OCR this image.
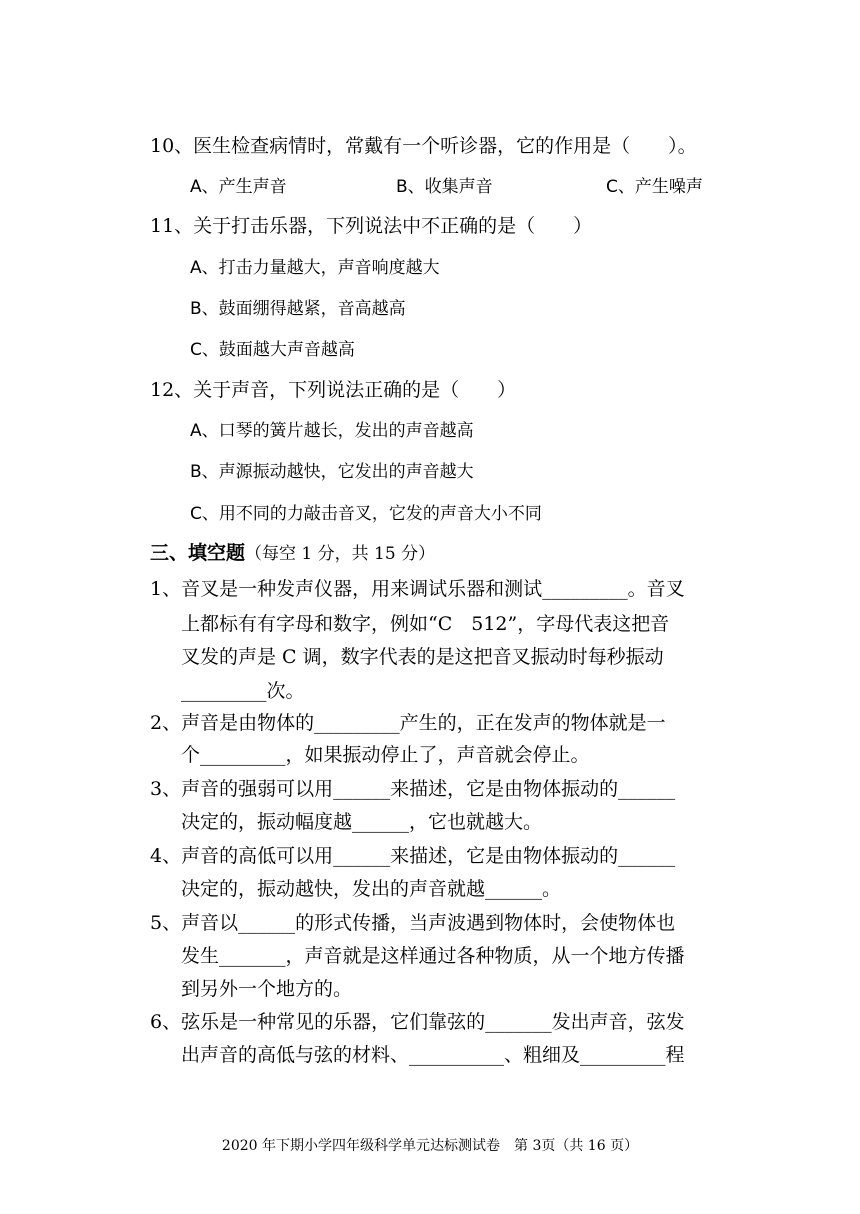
10、医生检查病情时，常戴有一个听诊器，它的作用是（　　）。
A、产生声音	B、收集声音	C、产生噪声
11、关于打击乐器，下列说法中不正确的是（　　）
A、打击力量越大，声音响度越大
B、鼓面绷得越紧，音高越高
C、鼓面越大声音越高
12、关于声音，下列说法正确的是（　　）
A、口琴的簧片越长，发出的声音越高
B、声源振动越快，它发出的声音越大
C、用不同的力敲击音叉，它发的声音大小不同
三、填空题（每空 1 分，共 15 分）
1、音叉是一种发声仪器，用来调试乐器和测试_________。音叉
上都标有有字母和数字，例如“C　512”，字母代表这把音
叉发的声是 C 调，数字代表的是这把音叉振动时每秒振动
_________次。
2、声音是由物体的_________产生的，正在发声的物体就是一
个_________，如果振动停止了，声音就会停止。
3、声音的强弱可以用______来描述，它是由物体振动的______
决定的，振动幅度越______，它也就越大。
4、声音的高低可以用______来描述，它是由物体振动的______
决定的，振动越快，发出的声音就越______。
5、声音以______的形式传播，当声波遇到物体时，会使物体也
发生_______，声音就是这样通过各种物质，从一个地方传播
到另外一个地方的。
6、弦乐是一种常见的乐器，它们靠弦的_______发出声音，弦发
出声音的高低与弦的材料、__________、粗细及_________程
2020 年下期小学四年级科学单元达标测试卷　第 3页（共 16 页）
